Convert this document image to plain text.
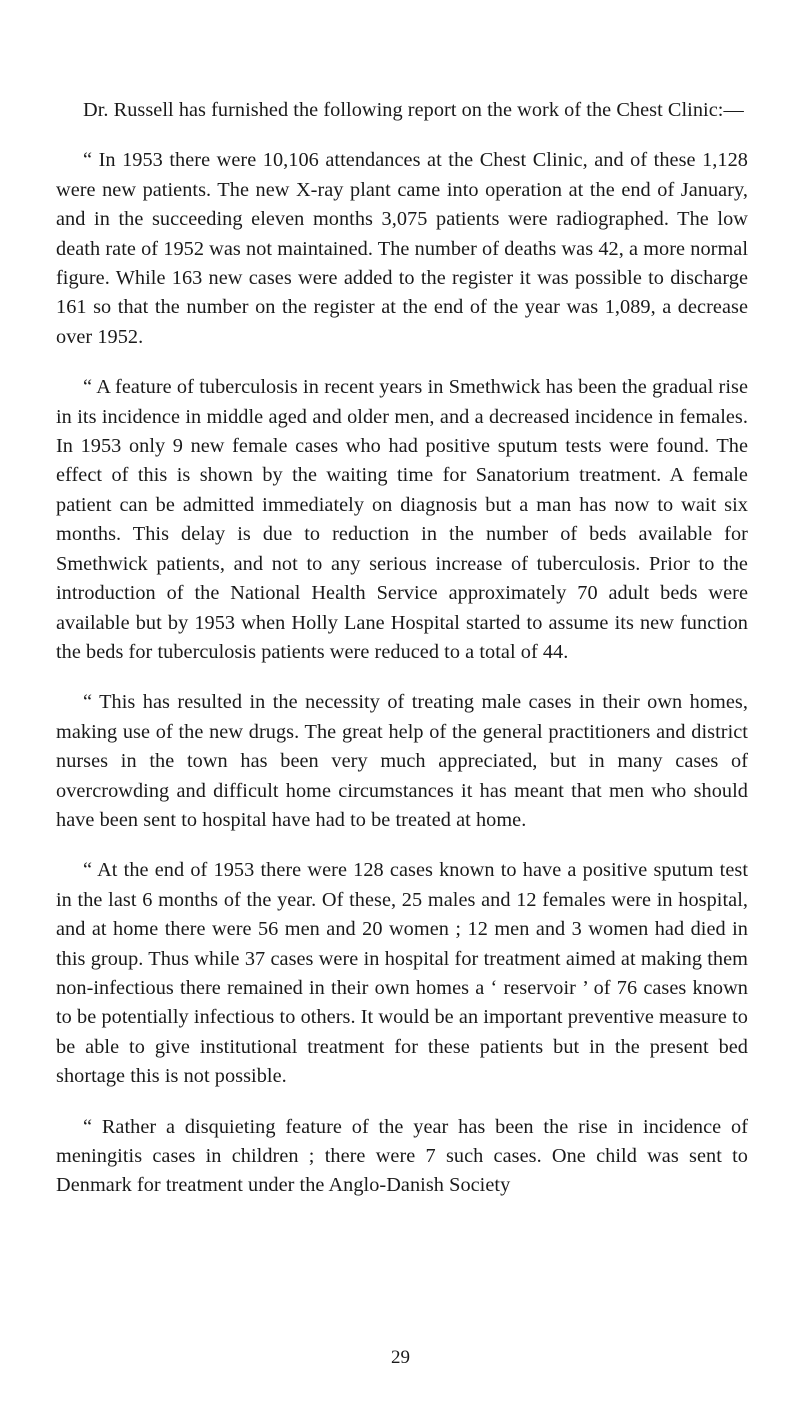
Dr. Russell has furnished the following report on the work of the Chest Clinic:—

“ In 1953 there were 10,106 attendances at the Chest Clinic, and of these 1,128 were new patients. The new X-ray plant came into operation at the end of January, and in the succeeding eleven months 3,075 patients were radiographed. The low death rate of 1952 was not maintained. The number of deaths was 42, a more normal figure. While 163 new cases were added to the register it was possible to discharge 161 so that the number on the register at the end of the year was 1,089, a decrease over 1952.

“ A feature of tuberculosis in recent years in Smethwick has been the gradual rise in its incidence in middle aged and older men, and a decreased incidence in females. In 1953 only 9 new female cases who had positive sputum tests were found. The effect of this is shown by the waiting time for Sanatorium treatment. A female patient can be admitted immediately on diagnosis but a man has now to wait six months. This delay is due to reduction in the number of beds available for Smethwick patients, and not to any serious increase of tuberculosis. Prior to the introduction of the National Health Service approximately 70 adult beds were available but by 1953 when Holly Lane Hospital started to assume its new function the beds for tuberculosis patients were reduced to a total of 44.

“ This has resulted in the necessity of treating male cases in their own homes, making use of the new drugs. The great help of the general practitioners and district nurses in the town has been very much appreciated, but in many cases of overcrowding and difficult home circumstances it has meant that men who should have been sent to hospital have had to be treated at home.

“ At the end of 1953 there were 128 cases known to have a positive sputum test in the last 6 months of the year. Of these, 25 males and 12 females were in hospital, and at home there were 56 men and 20 women ; 12 men and 3 women had died in this group. Thus while 37 cases were in hospital for treatment aimed at making them non-infectious there remained in their own homes a ‘ reservoir ’ of 76 cases known to be potentially infectious to others. It would be an important preventive measure to be able to give institutional treatment for these patients but in the present bed shortage this is not possible.

“ Rather a disquieting feature of the year has been the rise in incidence of meningitis cases in children ; there were 7 such cases. One child was sent to Denmark for treatment under the Anglo-Danish Society

29
